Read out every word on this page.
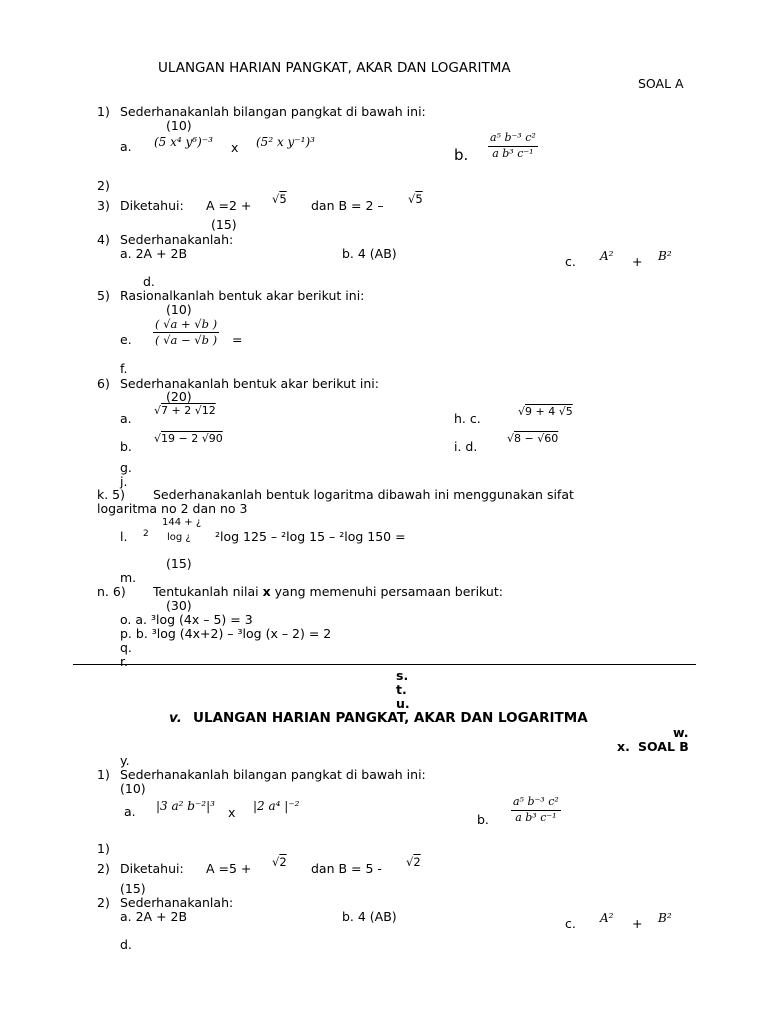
ULANGAN HARIAN PANGKAT, AKAR DAN LOGARITMA
SOAL A
1) Sederhanakanlah bilangan pangkat di bawah ini:
(10)
a. (5 x⁴ y⁶)⁻³ x (5² x y⁻¹)³
b. $\frac{\text{a⁵ b⁻³ c²}}{\text{a b³ c⁻¹}}$
2)
3) Diketahui: A =2 + √5 dan B = 2 – √5
(15)
4) Sederhanakanlah:
a. 2A + 2B	b. 4 (AB)
c. A² + B²
d.
5) Rasionalkanlah bentuk akar berikut ini:
(10)
e. $\frac{( √a + √b )}{( √a - √b )}$ =
f.
6) Sederhanakanlah bentuk akar berikut ini:
(20)
a.
√7 + 2 √12
h. c.	√9 + 4 √5
b.
√19 − 2 √90
i. d.
√8 − √60
g.
j.
k. 5) Sederhanakanlah bentuk logaritma dibawah ini menggunakan sifat
logaritma no 2 dan no 3
l. 2
144 + ¿
log ¿ ²log 125 – ²log 15 – ²log 150 =
(15)
m.
n. 6) Tentukanlah nilai x yang memenuhi persamaan berikut:
(30)
o. a. ³log (4x – 5) = 3
p. b. ³log (4x+2) – ³log (x – 2) = 2
q.
r.
s.
t.
u.
v. ULANGAN HARIAN PANGKAT, AKAR DAN LOGARITMA
w.
x. SOAL B
y.
1) Sederhanakanlah bilangan pangkat di bawah ini:
(10)
a. |3 a² b⁻²|³ x |2 a⁴ |⁻²
b. $\frac{\text{a⁵ b⁻³ c²}}{\text{a b³ c⁻¹}}$
1)
2) Diketahui: A =5 + √2 dan B = 5 - √2
(15)
2) Sederhanakanlah:
a. 2A + 2B	b. 4 (AB)	c. A² + B²
d.
